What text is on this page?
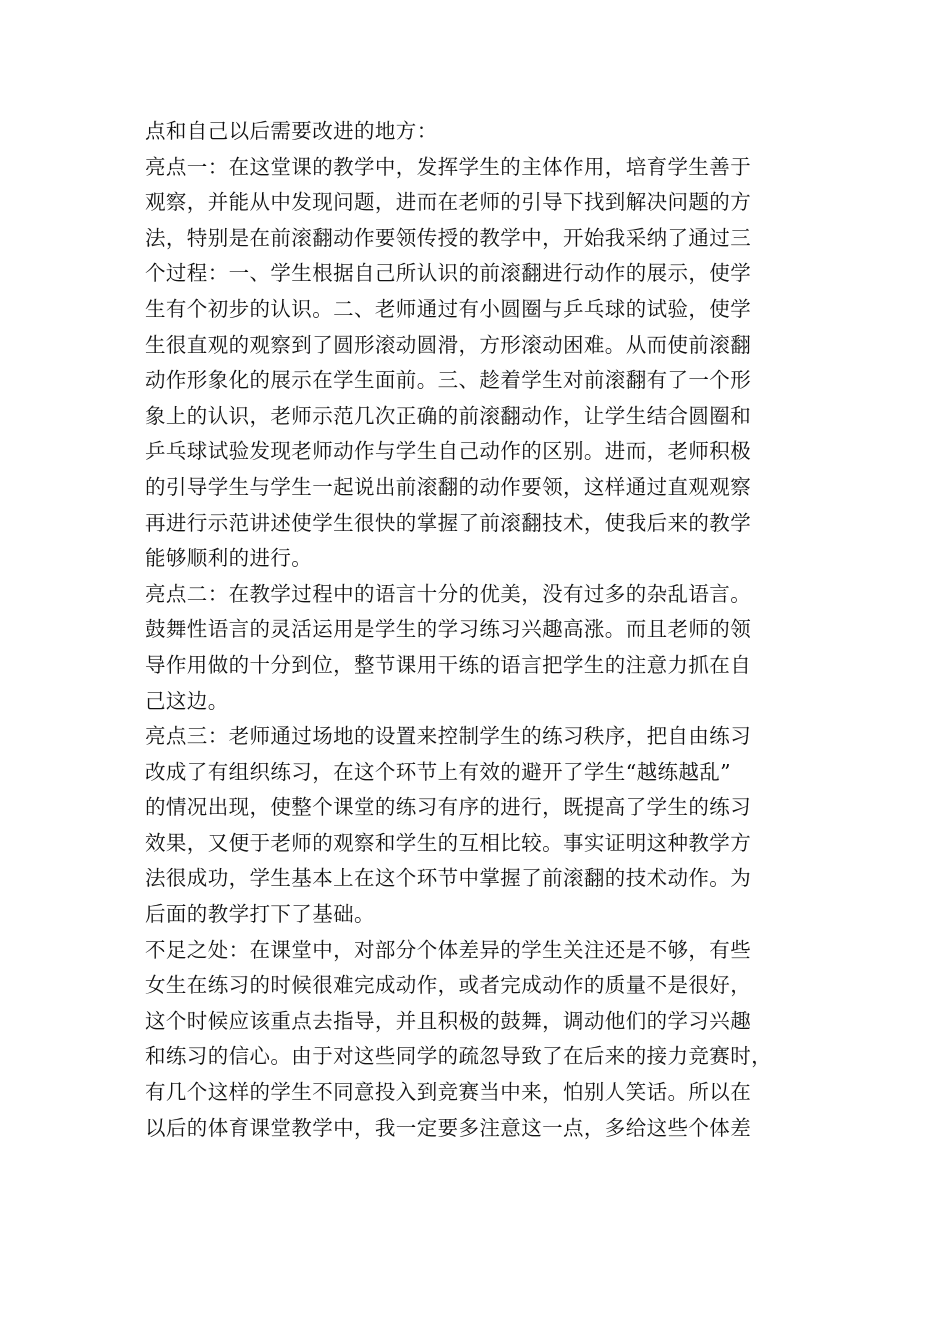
点和自己以后需要改进的地方：
亮点一：在这堂课的教学中，发挥学生的主体作用，培育学生善于
观察，并能从中发现问题，进而在老师的引导下找到解决问题的方
法，特别是在前滚翻动作要领传授的教学中，开始我采纳了通过三
个过程：一、学生根据自己所认识的前滚翻进行动作的展示，使学
生有个初步的认识。二、老师通过有小圆圈与乒乓球的试验，使学
生很直观的观察到了圆形滚动圆滑，方形滚动困难。从而使前滚翻
动作形象化的展示在学生面前。三、趁着学生对前滚翻有了一个形
象上的认识，老师示范几次正确的前滚翻动作，让学生结合圆圈和
乒乓球试验发现老师动作与学生自己动作的区别。进而，老师积极
的引导学生与学生一起说出前滚翻的动作要领，这样通过直观观察
再进行示范讲述使学生很快的掌握了前滚翻技术，使我后来的教学
能够顺利的进行。
亮点二：在教学过程中的语言十分的优美，没有过多的杂乱语言。
鼓舞性语言的灵活运用是学生的学习练习兴趣高涨。而且老师的领
导作用做的十分到位，整节课用干练的语言把学生的注意力抓在自
己这边。
亮点三：老师通过场地的设置来控制学生的练习秩序，把自由练习
改成了有组织练习，在这个环节上有效的避开了学生“越练越乱”
的情况出现，使整个课堂的练习有序的进行，既提高了学生的练习
效果，又便于老师的观察和学生的互相比较。事实证明这种教学方
法很成功，学生基本上在这个环节中掌握了前滚翻的技术动作。为
后面的教学打下了基础。
不足之处：在课堂中，对部分个体差异的学生关注还是不够，有些
女生在练习的时候很难完成动作，或者完成动作的质量不是很好，
这个时候应该重点去指导，并且积极的鼓舞，调动他们的学习兴趣
和练习的信心。由于对这些同学的疏忽导致了在后来的接力竞赛时，
有几个这样的学生不同意投入到竞赛当中来，怕别人笑话。所以在
以后的体育课堂教学中，我一定要多注意这一点，多给这些个体差
